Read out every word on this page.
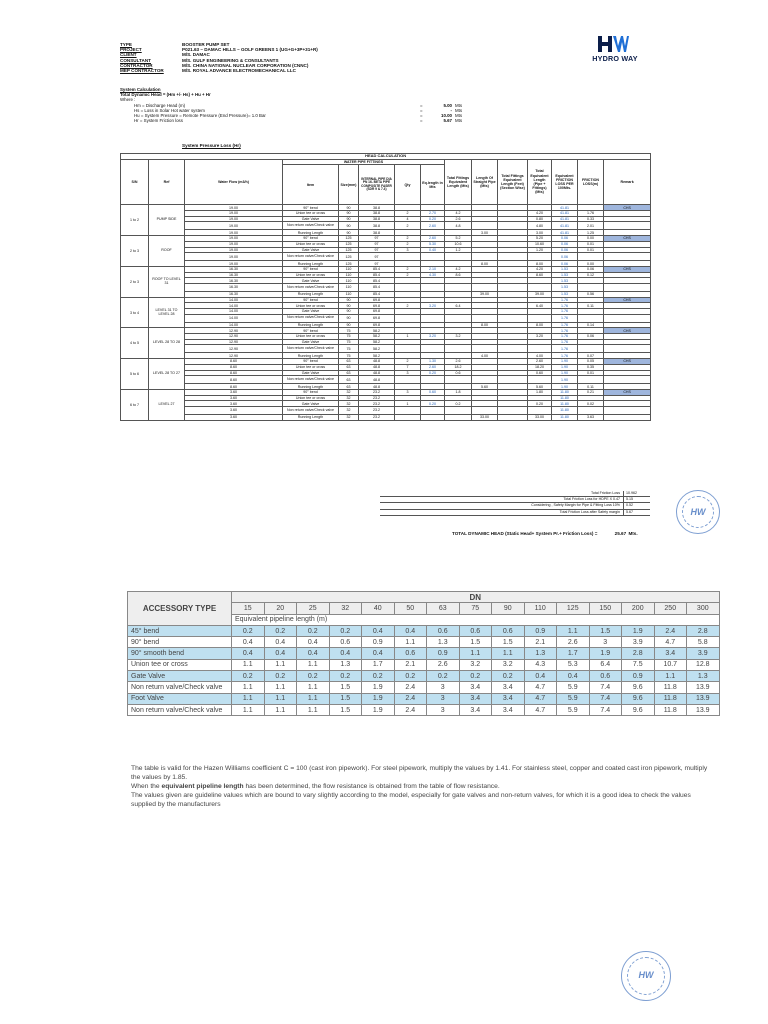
TYPE	BOOSTER PUMP SET
PROJECT	P021.63 – DAMAC HILLS – GOLF GREENS 1 (UG+G+3P+31+R)
CLIENT	M/S. DAMAC
CONSULTANT	M/S. GULF ENGINEERING & CONSULTANTS
CONTRACTOR	M/S. CHINA NATIONAL NUCLEAR CORPORATION (CNNC)
MEP CONTRACTOR	M/S. ROYAL ADVANCE ELECTROMECHANICAL LLC
HYDRO WAY
System Calculation
Total Dynamic Head = (Hm +/- Hs) + Hu + Hr
Where :
Hm = Discharge Head (m)	=	5.00 Mts
Hs = Loss in Solar Hot water system	=	- Mts
Hu = System Pressure = Remote Pressure (End Pressure)= 1.0 Bar	=	10.00 Mts
Hr = System Friction loss	=	5.67 Mts
System Pressure Loss (Hr)
HEAD CALCULATION														
S/N	Ref	Water Flow (m3/h)	WATER PIPE FITTINGS					Total Fittings Equivalent Length (Mts)	Length Of Straight Pipe (Mts)	Total Fittings Equivalent Length (Feet) (Section Wise)	Total Equivalent Length (Pipe + Fittings) (Mts)	Equivalent FRICTION LOSS PER 100Mts.	FRICTION LOSS(m)	Remark
			Item	Size(mm)	INTERNAL PIPE DIA PN 16- BETA PIPE COMPOSITE FASER (SDR 9 & 7.4)	Qty	Eq.length in Mts							
1 to 2	PUMP SIDE	19.00	90° bend	90	38.8							41.81		CHS
		19.00	Union tee or cross	90	38.8	2	2.70	4.2			4.20	41.81	1.76	
		19.00	Gate Valve	90	38.8	4	0.20	2.6			0.80	41.81	0.33	
		19.00	Non return valve/Check valve	90	38.8	2	2.60	4.8			4.80	41.81	2.01	
		19.00	Running Length	90	38.8				3.00		3.00	41.81	1.25	
2 to 3	ROOF	19.00	90° bend	125	97	2	2.60	5.2			5.20	0.06	0.00	CHS
		19.00	Union tee or cross	125	97	2	5.30	10.6			10.60	0.06	0.01	
		19.00	Gate Valve	125	97	3	0.40	1.2			1.20	0.06	0.01	
		19.00	Non return valve/Check valve	125	97							0.06		
		19.00	Running Length	125	97				8.00		8.00	0.06	0.00	
2 to 3	ROOF TO LEVEL 31	16.30	90° bend	110	85.4	2	2.10	4.2			4.20	1.53	0.06	CHS
		16.30	Union tee or cross	110	85.4	2	4.30	8.6			8.60	1.53	0.12	
		16.30	Gate Valve	110	85.4							1.53		
		16.30	Non return valve/Check valve	110	85.4							1.53		
		16.30	Running Length	110	85.4				39.00		39.00	1.53	0.56	
3 to 4	LEVEL 31 TO LEVEL 28	14.00	90° bend	90	69.8							1.76		CHS
		14.00	Union tee or cross	90	69.8	2	3.20	6.4			6.40	1.76	0.11	
		14.00	Gate Valve	90	69.8							1.76		
		14.00	Non return valve/Check valve	90	69.8							1.76		
		14.00	Running Length	90	69.8				8.00		8.00	1.76	0.14	
4 to 5	LEVEL 28 TO 28	12.90	90° bend	75	58.2							1.76		CHS
		12.90	Union tee or cross	75	58.2	1	3.20	3.2			3.20	1.76	0.06	
		12.90	Gate Valve	75	58.2							1.76		
		12.90	Non return valve/Check valve	75	58.2							1.76		
		12.90	Running Length	75	58.2				4.00		4.00	1.76	0.07	
5 to 6	LEVEL 28 TO 27	8.60	90° bend	63	48.8	2	1.30	2.6			2.60	1.90	0.05	CHS
		8.60	Union tee or cross	63	48.8	7	2.60	18.2			18.20	1.90	0.35	
		8.60	Gate Valve	63	48.8	3	0.20	0.6			0.60	1.90	0.01	
		8.60	Non return valve/Check valve	63	48.8							1.90		
		8.60	Running Length	63	48.8				5.60		5.60	1.90	0.11	
6 to 7	LEVEL 27	3.60	90° bend	32	23.2	3	0.60	1.8			1.80	11.80	0.21	CHS
		3.60	Union tee or cross	32	23.2							11.80		
		3.60	Gate Valve	32	23.2	1	0.20	0.2			0.20	11.80	0.02	
		3.60	Non return valve/Check valve	32	23.2							11.80		
		3.60	Running Length	32	23.2				33.00		33.00	11.80	3.63	
Total Friction Loss	10.962
Total Friction Loss for HDPE X 0.47	5.15
Considering , Safety Margin for Pipe & Fitting Loss 10%	0.52
Total Friction Loss after Safety margin	5.67
TOTAL DYNAMIC HEAD (Static Head+ System Pr.+ Friction Loss) =	25.67 Mts.
HW
ACCESSORY TYPE	DN														
	15	20	25	32	40	50	63	75	90	110	125	150	200	250	300
	Equivalent pipeline length (m)														
45° bend	0.2	0.2	0.2	0.2	0.4	0.4	0.6	0.6	0.6	0.9	1.1	1.5	1.9	2.4	2.8
90° bend	0.4	0.4	0.4	0.6	0.9	1.1	1.3	1.5	1.5	2.1	2.6	3	3.9	4.7	5.8
90° smooth bend	0.4	0.4	0.4	0.4	0.4	0.6	0.9	1.1	1.1	1.3	1.7	1.9	2.8	3.4	3.9
Union tee or cross	1.1	1.1	1.1	1.3	1.7	2.1	2.6	3.2	3.2	4.3	5.3	6.4	7.5	10.7	12.8
Gate Valve	0.2	0.2	0.2	0.2	0.2	0.2	0.2	0.2	0.2	0.4	0.4	0.6	0.9	1.1	1.3
Non return valve/Check valve	1.1	1.1	1.1	1.5	1.9	2.4	3	3.4	3.4	4.7	5.9	7.4	9.6	11.8	13.9
Foot Valve	1.1	1.1	1.1	1.5	1.9	2.4	3	3.4	3.4	4.7	5.9	7.4	9.6	11.8	13.9
Non return valve/Check valve	1.1	1.1	1.1	1.5	1.9	2.4	3	3.4	3.4	4.7	5.9	7.4	9.6	11.8	13.9

The table is valid for the Hazen Williams coefficient C = 100 (cast iron pipework). For steel pipework, multiply the values by 1.41. For stainless steel, copper and coated cast iron pipework, multiply the values by 1.85.

When the equivalent pipeline length has been determined, the flow resistance is obtained from the table of flow resistance.

The values given are guideline values which are bound to vary slightly according to the model, especially for gate valves and non-return valves, for which it is a good idea to check the values supplied by the manufacturers

HW
